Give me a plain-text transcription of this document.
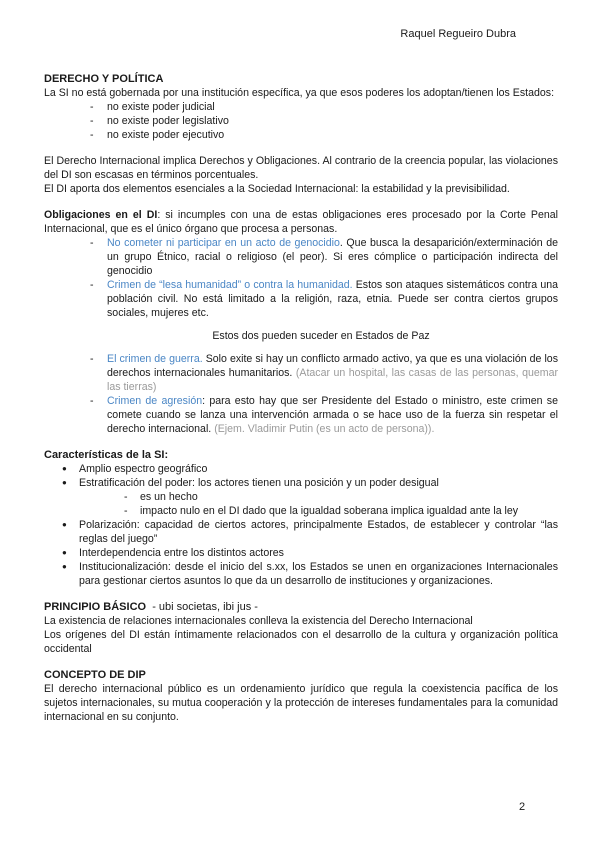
Raquel Regueiro Dubra

DERECHO Y POLÍTICA

La SI no está gobernada por una institución específica, ya que esos poderes los adoptan/tienen los Estados:

- no existe poder judicial
- no existe poder legislativo
- no existe poder ejecutivo

El Derecho Internacional implica Derechos y Obligaciones. Al contrario de la creencia popular, las violaciones del DI son escasas en términos porcentuales.

El DI aporta dos elementos esenciales a la Sociedad Internacional: la estabilidad y la previsibilidad.

Obligaciones en el DI: si incumples con una de estas obligaciones eres procesado por la Corte Penal Internacional, que es el único órgano que procesa a personas.

- No cometer ni participar en un acto de genocidio. Que busca la desaparición/exterminación de un grupo Étnico, racial o religioso (el peor). Si eres cómplice o participación indirecta del genocidio
- Crimen de “lesa humanidad” o contra la humanidad. Estos son ataques sistemáticos contra una población civil. No está limitado a la religión, raza, etnia. Puede ser contra ciertos grupos sociales, mujeres etc.

Estos dos pueden suceder en Estados de Paz

- El crimen de guerra. Solo exite si hay un conflicto armado activo, ya que es una violación de los derechos internacionales humanitarios. (Atacar un hospital, las casas de las personas, quemar las tierras)
- Crimen de agresión: para esto hay que ser Presidente del Estado o ministro, este crimen se comete cuando se lanza una intervención armada o se hace uso de la fuerza sin respetar el derecho internacional. (Ejem. Vladimir Putin (es un acto de persona)).

Características de la SI:

● Amplio espectro geográfico
● Estratificación del poder: los actores tienen una posición y un poder desigual
- es un hecho
- impacto nulo en el DI dado que la igualdad soberana implica igualdad ante la ley
● Polarización: capacidad de ciertos actores, principalmente Estados, de establecer y controlar “las reglas del juego”
● Interdependencia entre los distintos actores
● Institucionalización: desde el inicio del s.xx, los Estados se unen en organizaciones Internacionales para gestionar ciertos asuntos lo que da un desarrollo de instituciones y organizaciones.

PRINCIPIO BÁSICO  - ubi societas, ibi jus -

La existencia de relaciones internacionales conlleva la existencia del Derecho Internacional

Los orígenes del DI están íntimamente relacionados con el desarrollo de la cultura y organización política occidental

CONCEPTO DE DIP

El derecho internacional público es un ordenamiento jurídico que regula la coexistencia pacífica de los sujetos internacionales, su mutua cooperación y la protección de intereses fundamentales para la comunidad internacional en su conjunto.

2
